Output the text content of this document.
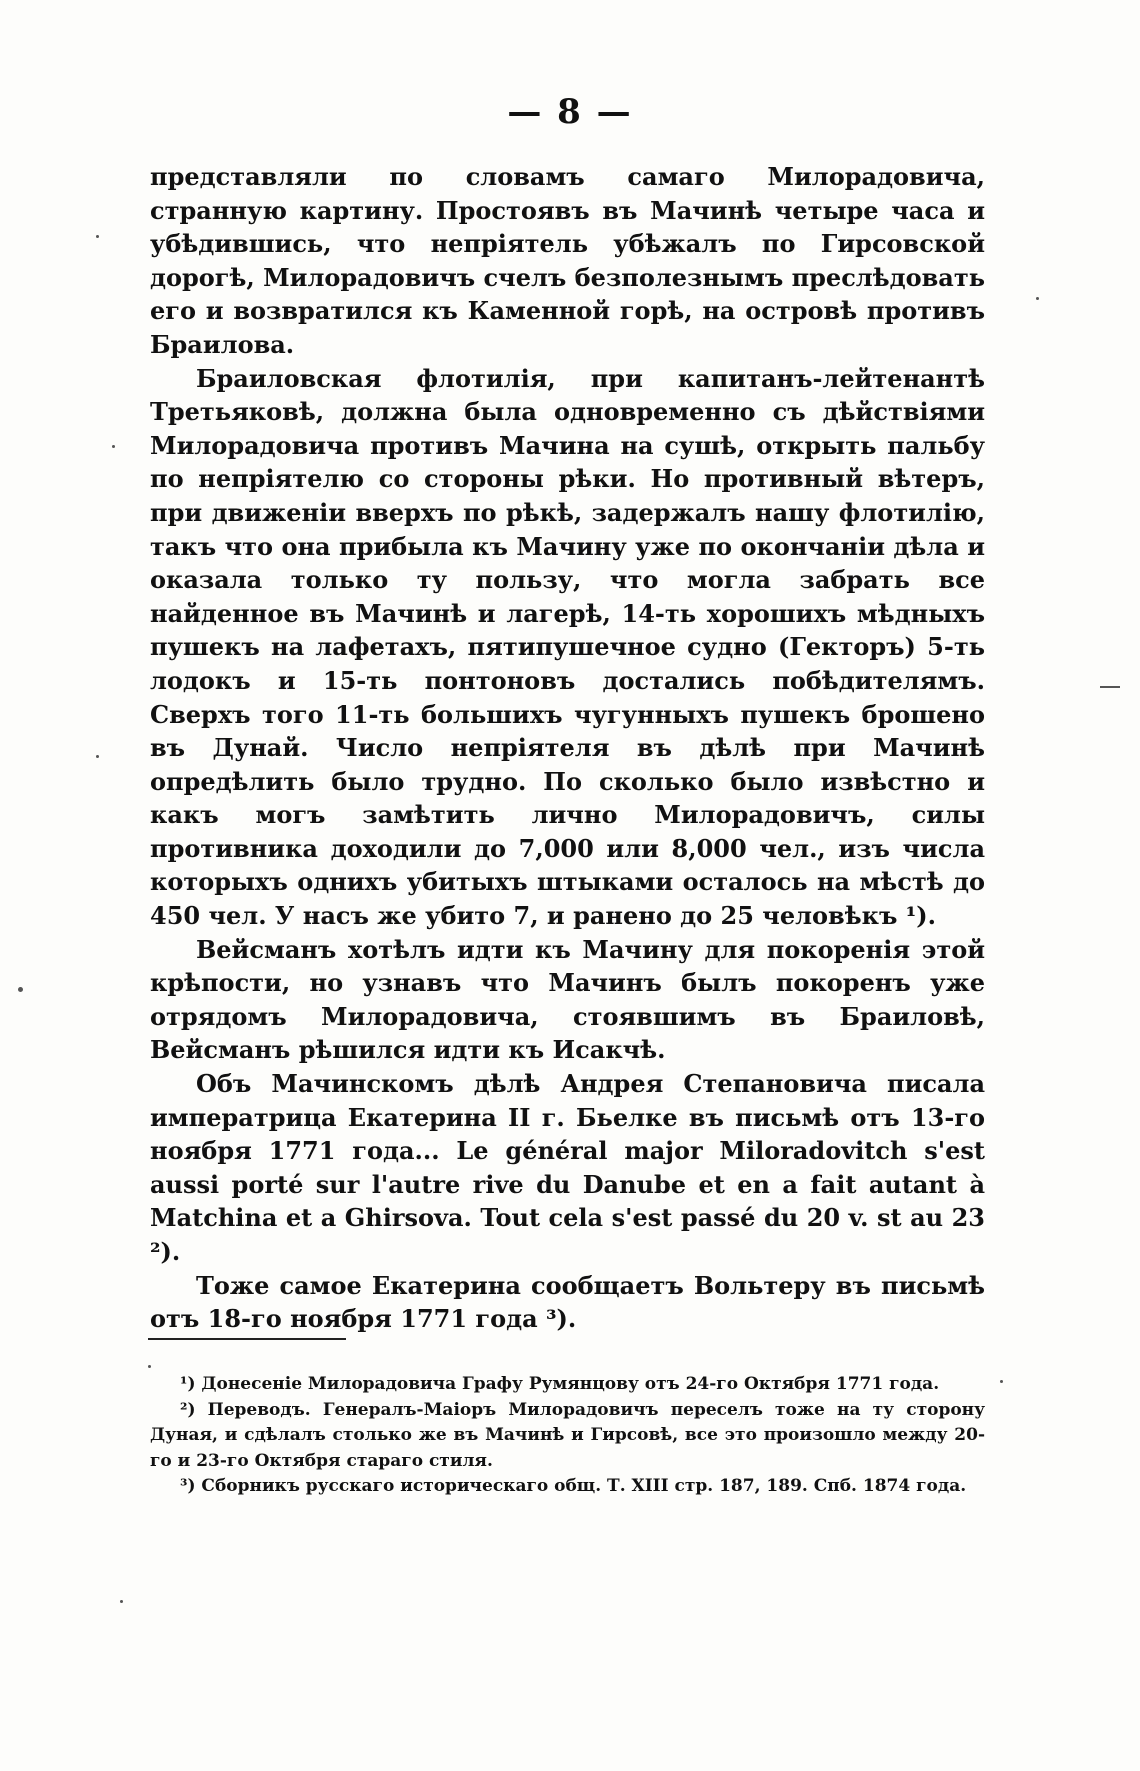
— 8 —

представляли по словамъ самаго Милорадовича, странную картину. Простоявъ въ Мачинѣ четыре часа и убѣдившись, что непріятель убѣжалъ по Гирсовской дорогѣ, Милорадовичъ счелъ безполезнымъ преслѣдовать его и возвратился къ Каменной горѣ, на островѣ противъ Браилова.

Браиловская флотилія, при капитанъ-лейтенантѣ Третьяковѣ, должна была одновременно съ дѣйствіями Милорадовича противъ Мачина на сушѣ, открыть пальбу по непріятелю со стороны рѣки. Но противный вѣтеръ, при движеніи вверхъ по рѣкѣ, задержалъ нашу флотилію, такъ что она прибыла къ Мачину уже по окончаніи дѣла и оказала только ту пользу, что могла забрать все найденное въ Мачинѣ и лагерѣ, 14-ть хорошихъ мѣдныхъ пушекъ на лафетахъ, пятипушечное судно (Гекторъ) 5-ть лодокъ и 15-ть понтоновъ достались побѣдителямъ. Сверхъ того 11-ть большихъ чугунныхъ пушекъ брошено въ Дунай. Число непріятеля въ дѣлѣ при Мачинѣ опредѣлить было трудно. По сколько было извѣстно и какъ могъ замѣтить лично Милорадовичъ, силы противника доходили до 7,000 или 8,000 чел., изъ числа которыхъ однихъ убитыхъ штыками осталось на мѣстѣ до 450 чел. У насъ же убито 7, и ранено до 25 человѣкъ ¹).

Вейсманъ хотѣлъ идти къ Мачину для покоренія этой крѣпости, но узнавъ что Мачинъ былъ покоренъ уже отрядомъ Милорадовича, стоявшимъ въ Браиловѣ, Вейсманъ рѣшился идти къ Исакчѣ.

Объ Мачинскомъ дѣлѣ Андрея Степановича писала императрица Екатерина II г. Бьелке въ письмѣ отъ 13-го ноября 1771 года... Le général major Miloradovitch s'est aussi porté sur l'autre rive du Danube et en a fait autant à Matchina et a Ghirsova. Tout cela s'est passé du 20 v. st au 23 ²).

Тоже самое Екатерина сообщаетъ Вольтеру въ письмѣ отъ 18-го ноября 1771 года ³).

¹) Донесеніе Милорадовича Графу Румянцову отъ 24-го Октября 1771 года.

²) Переводъ. Генералъ-Маіоръ Милорадовичъ переселъ тоже на ту сторону Дуная, и сдѣлалъ столько же въ Мачинѣ и Гирсовѣ, все это произошло между 20-го и 23-го Октября стараго стиля.

³) Сборникъ русскаго историческаго общ. Т. XIII стр. 187, 189. Спб. 1874 года.
